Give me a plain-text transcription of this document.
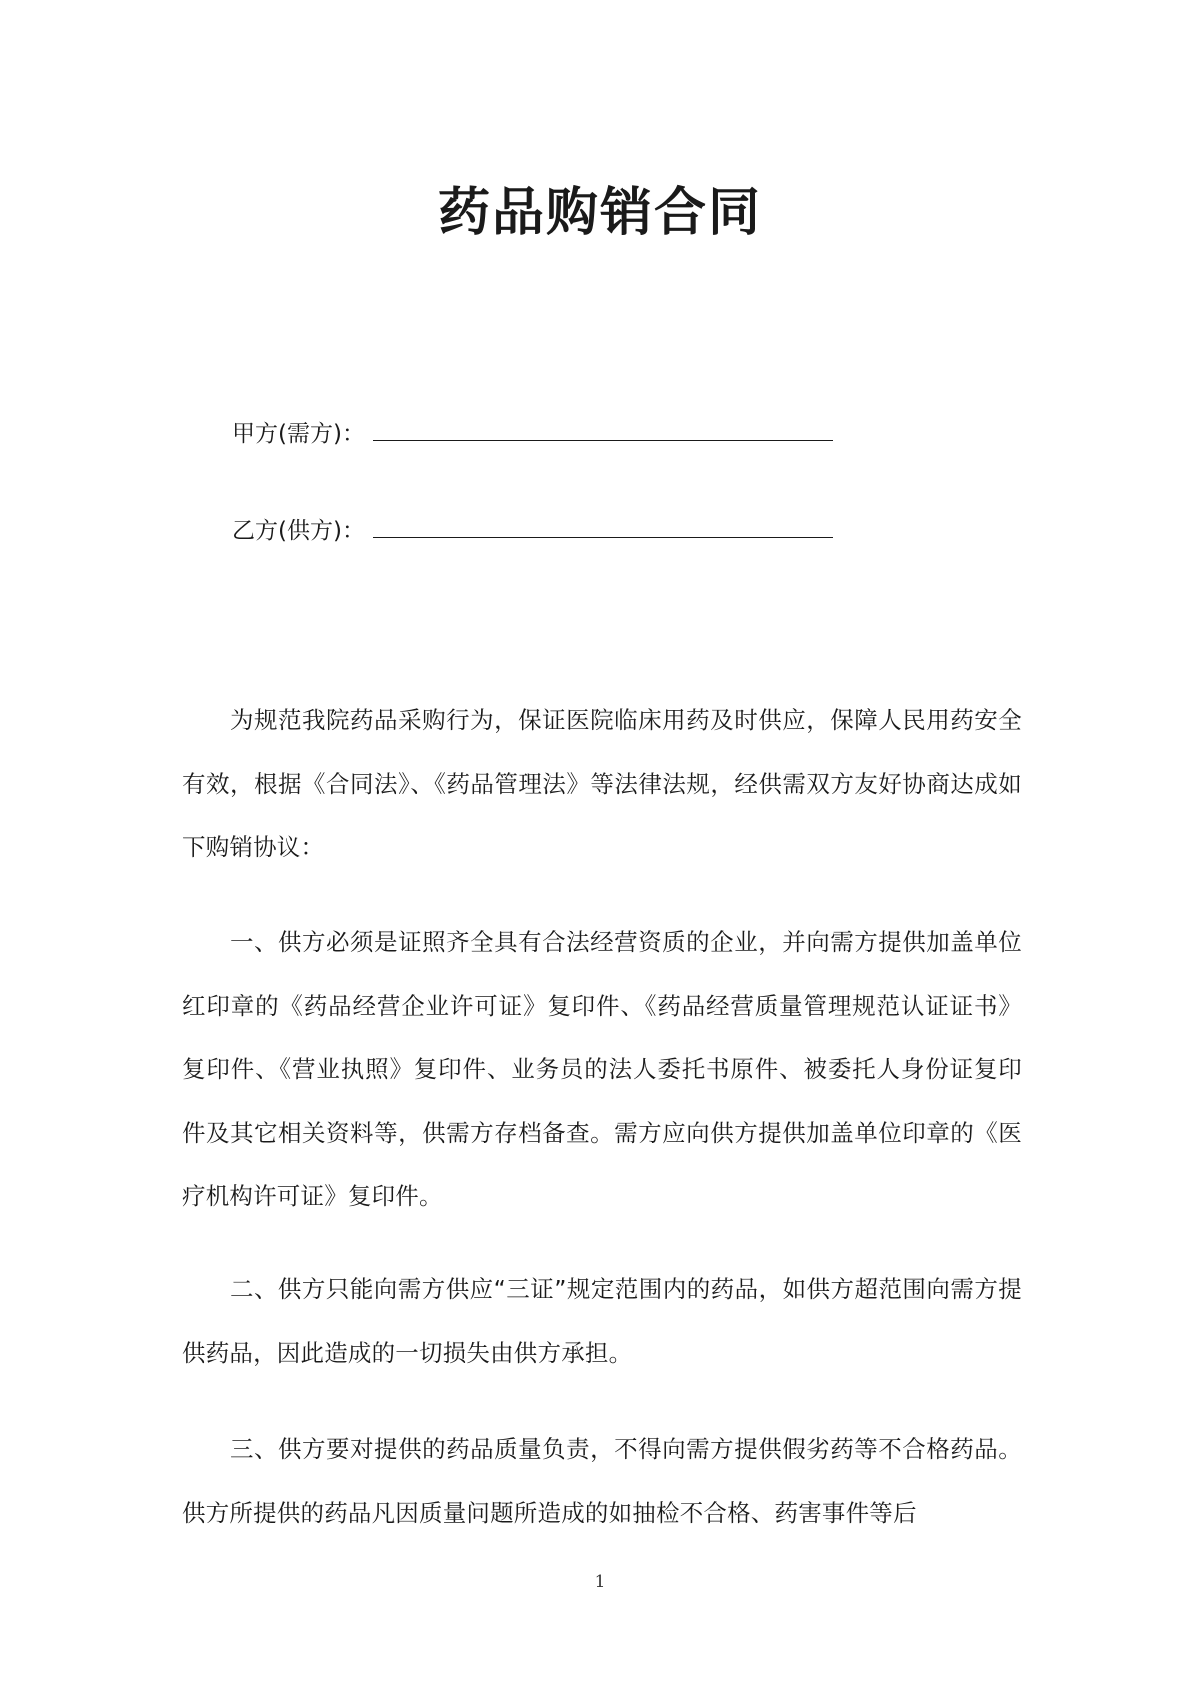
药品购销合同
甲方(需方)：
乙方(供方)：

为规范我院药品采购行为，保证医院临床用药及时供应，保障人民用药安全有效，根据《合同法》、《药品管理法》等法律法规，经供需双方友好协商达成如下购销协议：

一、供方必须是证照齐全具有合法经营资质的企业，并向需方提供加盖单位红印章的《药品经营企业许可证》复印件、《药品经营质量管理规范认证证书》复印件、《营业执照》复印件、业务员的法人委托书原件、被委托人身份证复印件及其它相关资料等，供需方存档备查。需方应向供方提供加盖单位印章的《医疗机构许可证》复印件。

二、供方只能向需方供应“三证”规定范围内的药品，如供方超范围向需方提供药品，因此造成的一切损失由供方承担。

三、供方要对提供的药品质量负责，不得向需方提供假劣药等不合格药品。供方所提供的药品凡因质量问题所造成的如抽检不合格、药害事件等后

1
